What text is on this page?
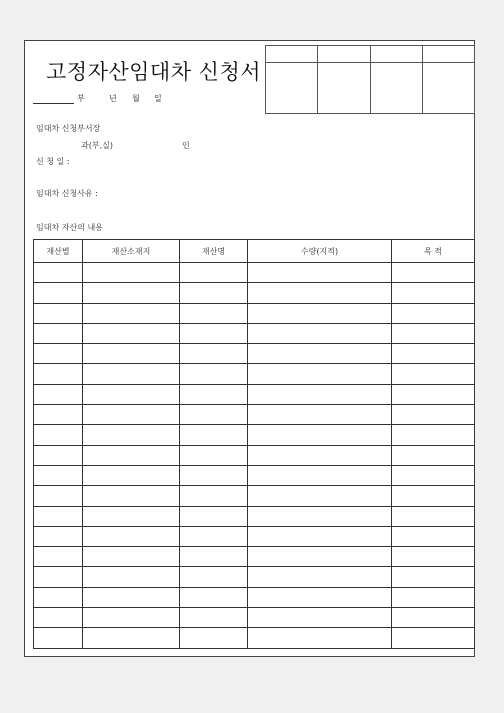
고정자산임대차 신청서

부	년 월 일
임대차 신청부서장
과(부,실)	인
신 청 일 :
임대차 신청사유 :
임대차 자산의 내용
재산별	재산소재지	재산명	수량(지적)	목 적
